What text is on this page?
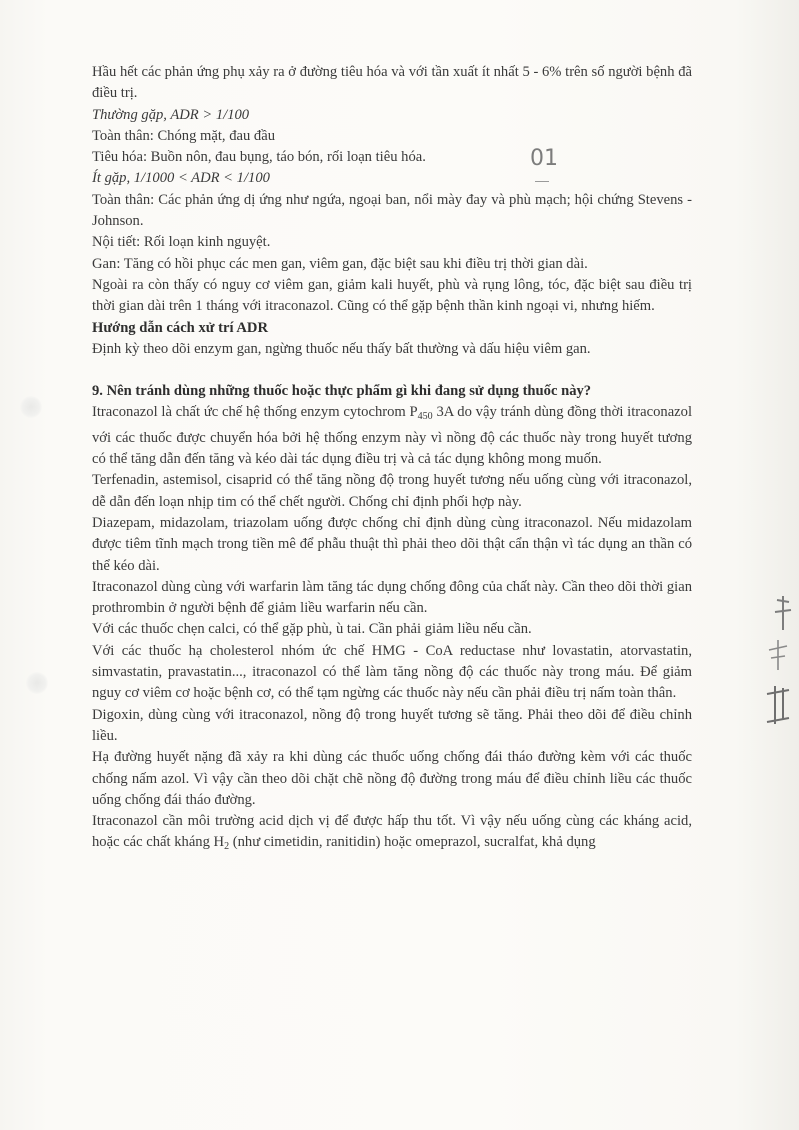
01

Hầu hết các phản ứng phụ xảy ra ở đường tiêu hóa và với tần xuất ít nhất 5 - 6% trên số người bệnh đã điều trị.

Thường gặp, ADR > 1/100

Toàn thân: Chóng mặt, đau đầu

Tiêu hóa: Buồn nôn, đau bụng, táo bón, rối loạn tiêu hóa.

Ít gặp, 1/1000 < ADR < 1/100

Toàn thân: Các phản ứng dị ứng như ngứa, ngoại ban, nổi mày đay và phù mạch; hội chứng Stevens - Johnson.

Nội tiết: Rối loạn kinh nguyệt.

Gan: Tăng có hồi phục các men gan, viêm gan, đặc biệt sau khi điều trị thời gian dài.

Ngoài ra còn thấy có nguy cơ viêm gan, giảm kali huyết, phù và rụng lông, tóc, đặc biệt sau điều trị thời gian dài trên 1 tháng với itraconazol. Cũng có thể gặp bệnh thần kinh ngoại vi, nhưng hiếm.

Hướng dẫn cách xử trí ADR

Định kỳ theo dõi enzym gan, ngừng thuốc nếu thấy bất thường và dấu hiệu viêm gan.

9. Nên tránh dùng những thuốc hoặc thực phẩm gì khi đang sử dụng thuốc này?

Itraconazol là chất ức chế hệ thống enzym cytochrom $P_{450}$ 3A do vậy tránh dùng đồng thời itraconazol với các thuốc được chuyển hóa bởi hệ thống enzym này vì nồng độ các thuốc này trong huyết tương có thể tăng dẫn đến tăng và kéo dài tác dụng điều trị và cả tác dụng không mong muốn.

Terfenadin, astemisol, cisaprid có thể tăng nồng độ trong huyết tương nếu uống cùng với itraconazol, dễ dẫn đến loạn nhịp tim có thể chết người. Chống chỉ định phối hợp này.

Diazepam, midazolam, triazolam uống được chống chỉ định dùng cùng itraconazol. Nếu midazolam được tiêm tĩnh mạch trong tiền mê để phẫu thuật thì phải theo dõi thật cẩn thận vì tác dụng an thần có thể kéo dài.

Itraconazol dùng cùng với warfarin làm tăng tác dụng chống đông của chất này. Cần theo dõi thời gian prothrombin ở người bệnh để giảm liều warfarin nếu cần.

Với các thuốc chẹn calci, có thể gặp phù, ù tai. Cần phải giảm liều nếu cần.

Với các thuốc hạ cholesterol nhóm ức chế HMG - CoA reductase như lovastatin, atorvastatin, simvastatin, pravastatin..., itraconazol có thể làm tăng nồng độ các thuốc này trong máu. Để giảm nguy cơ viêm cơ hoặc bệnh cơ, có thể tạm ngừng các thuốc này nếu cần phải điều trị nấm toàn thân.

Digoxin, dùng cùng với itraconazol, nồng độ trong huyết tương sẽ tăng. Phải theo dõi để điều chỉnh liều.

Hạ đường huyết nặng đã xảy ra khi dùng các thuốc uống chống đái tháo đường kèm với các thuốc chống nấm azol. Vì vậy cần theo dõi chặt chẽ nồng độ đường trong máu để điều chỉnh liều các thuốc uống chống đái tháo đường.

Itraconazol cần môi trường acid dịch vị để được hấp thu tốt. Vì vậy nếu uống cùng các kháng acid, hoặc các chất kháng $H_2$ (như cimetidin, ranitidin) hoặc omeprazol, sucralfat, khả dụng
